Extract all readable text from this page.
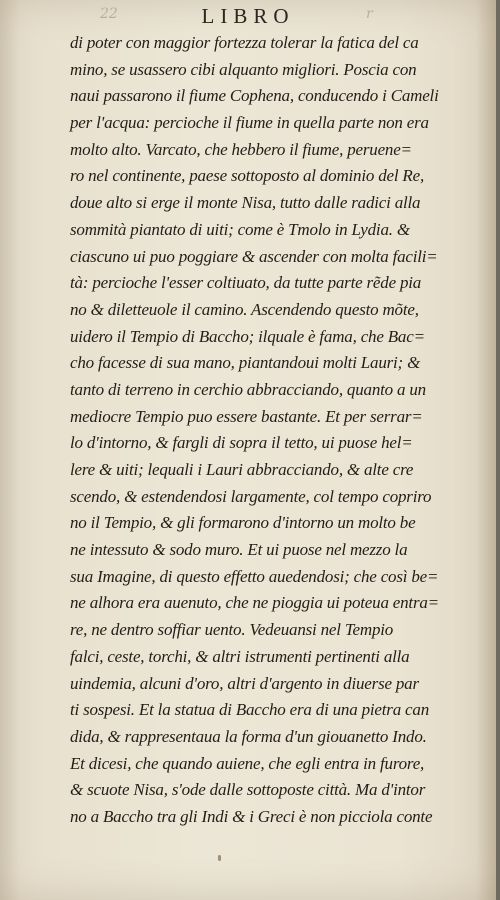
22	r
LIBRO
di poter con maggior fortezza tolerar la fatica del ca
mino, se usassero cibi alquanto migliori. Poscia con
naui passarono il fiume Cophena, conducendo i Cameli
per l'acqua: percioche il fiume in quella parte non era
molto alto. Varcato, che hebbero il fiume, peruene=
ro nel continente, paese sottoposto al dominio del Re,
doue alto si erge il monte Nisa, tutto dalle radici alla
sommità piantato di uiti; come è Tmolo in Lydia. &
ciascuno ui puo poggiare & ascender con molta facili=
tà: percioche l'esser coltiuato, da tutte parte rẽde pia
no & diletteuole il camino. Ascendendo questo mõte,
uidero il Tempio di Baccho; ilquale è fama, che Bac=
cho facesse di sua mano, piantandoui molti Lauri; &
tanto di terreno in cerchio abbracciando, quanto a un
mediocre Tempio puo essere bastante. Et per serrar=
lo d'intorno, & fargli di sopra il tetto, ui puose hel=
lere & uiti; lequali i Lauri abbracciando, & alte cre
scendo, & estendendosi largamente, col tempo copriro
no il Tempio, & gli formarono d'intorno un molto be
ne intessuto & sodo muro. Et ui puose nel mezzo la
sua Imagine, di questo effetto auedendosi; che così be=
ne alhora era auenuto, che ne pioggia ui poteua entra=
re, ne dentro soffiar uento. Vedeuansi nel Tempio
falci, ceste, torchi, & altri istrumenti pertinenti alla
uindemia, alcuni d'oro, altri d'argento in diuerse par
ti sospesi. Et la statua di Baccho era di una pietra can
dida, & rappresentaua la forma d'un giouanetto Indo.
Et dicesi, che quando auiene, che egli entra in furore,
& scuote Nisa, s'ode dalle sottoposte città. Ma d'intor
no a Baccho tra gli Indi & i Greci è non picciola conte
